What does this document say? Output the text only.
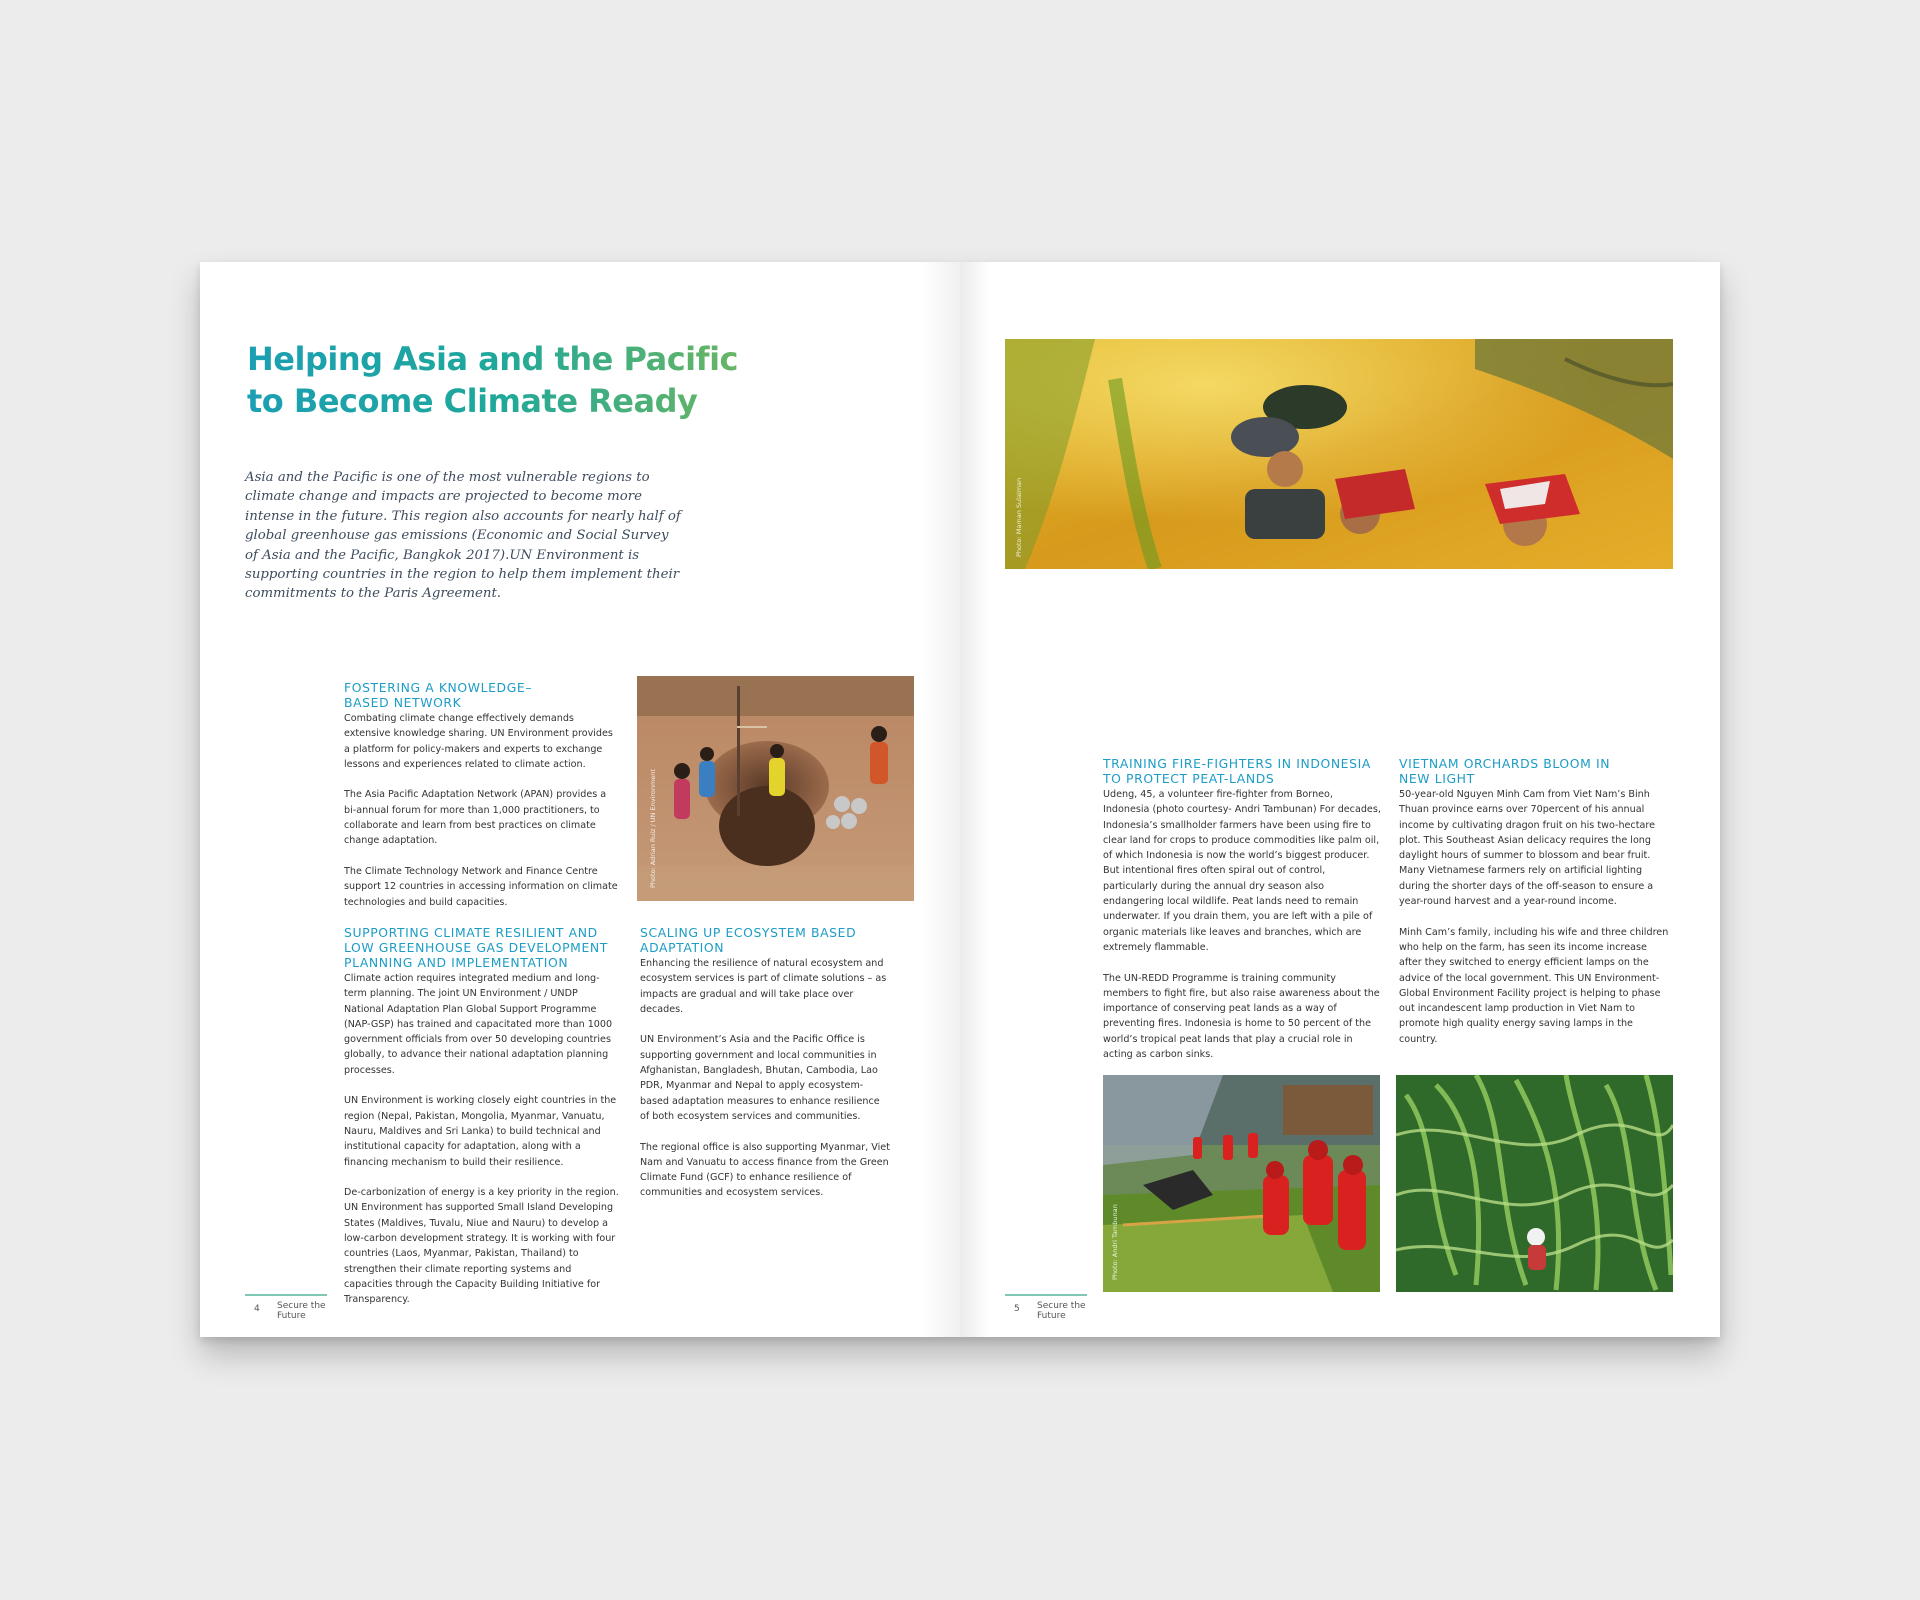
Helping Asia and the Pacific
to Become Climate Ready

Asia and the Pacific is one of the most vulnerable regions to climate change and impacts are projected to become more intense in the future. This region also accounts for nearly half of global greenhouse gas emissions (Economic and Social Survey of Asia and the Pacific, Bangkok 2017).UN Environment is supporting countries in the region to help them implement their commitments to the Paris Agreement.

FOSTERING A KNOWLEDGE–BASED NETWORK

Combating climate change effectively demands extensive knowledge sharing. UN Environment provides a platform for policy-makers and experts to exchange lessons and experiences related to climate action.

The Asia Pacific Adaptation Network (APAN) provides a bi-annual forum for more than 1,000 practitioners, to collaborate and learn from best practices on climate change adaptation.

The Climate Technology Network and Finance Centre support 12 countries in accessing information on climate technologies and build capacities.

Photo: Adrian Ruiz / UN Environment
SUPPORTING CLIMATE RESILIENT AND LOW GREENHOUSE GAS DEVELOPMENT PLANNING AND IMPLEMENTATION

Climate action requires integrated medium and long-term planning. The joint UN Environment / UNDP National Adaptation Plan Global Support Programme (NAP-GSP) has trained and capacitated more than 1000 government officials from over 50 developing countries globally, to advance their national adaptation planning processes.

UN Environment is working closely eight countries in the region (Nepal, Pakistan, Mongolia, Myanmar, Vanuatu, Nauru, Maldives and Sri Lanka) to build technical and institutional capacity for adaptation, along with a financing mechanism to build their resilience.

De-carbonization of energy is a key priority in the region. UN Environment has supported Small Island Developing States (Maldives, Tuvalu, Niue and Nauru) to develop a low-carbon development strategy. It is working with four countries (Laos, Myanmar, Pakistan, Thailand) to strengthen their climate reporting systems and capacities through the Capacity Building Initiative for Transparency.

SCALING UP ECOSYSTEM BASED ADAPTATION

Enhancing the resilience of natural ecosystem and ecosystem services is part of climate solutions – as impacts are gradual and will take place over decades.

UN Environment’s Asia and the Pacific Office is supporting government and local communities in Afghanistan, Bangladesh, Bhutan, Cambodia, Lao PDR, Myanmar and Nepal to apply ecosystem-based adaptation measures to enhance resilience of both ecosystem services and communities.

The regional office is also supporting Myanmar, Viet Nam and Vanuatu to access finance from the Green Climate Fund (GCF) to enhance resilience of communities and ecosystem services.

4 Secure the Future
Photo: Maman Sulaiman
TRAINING FIRE-FIGHTERS IN INDONESIA TO PROTECT PEAT-LANDS

Udeng, 45, a volunteer fire-fighter from Borneo, Indonesia (photo courtesy- Andri Tambunan) For decades, Indonesia’s smallholder farmers have been using fire to clear land for crops to produce commodities like palm oil, of which Indonesia is now the world’s biggest producer. But intentional fires often spiral out of control, particularly during the annual dry season also endangering local wildlife. Peat lands need to remain underwater. If you drain them, you are left with a pile of organic materials like leaves and branches, which are extremely flammable.

The UN-REDD Programme is training community members to fight fire, but also raise awareness about the importance of conserving peat lands as a way of preventing fires. Indonesia is home to 50 percent of the world’s tropical peat lands that play a crucial role in acting as carbon sinks.

VIETNAM ORCHARDS BLOOM IN NEW LIGHT

50-year-old Nguyen Minh Cam from Viet Nam’s Binh Thuan province earns over 70percent of his annual income by cultivating dragon fruit on his two-hectare plot. This Southeast Asian delicacy requires the long daylight hours of summer to blossom and bear fruit. Many Vietnamese farmers rely on artificial lighting during the shorter days of the off-season to ensure a year-round harvest and a year-round income.

Minh Cam’s family, including his wife and three children who help on the farm, has seen its income increase after they switched to energy efficient lamps on the advice of the local government. This UN Environment-Global Environment Facility project is helping to phase out incandescent lamp production in Viet Nam to promote high quality energy saving lamps in the country.

Photo: Andri Tambunan
5 Secure the Future
